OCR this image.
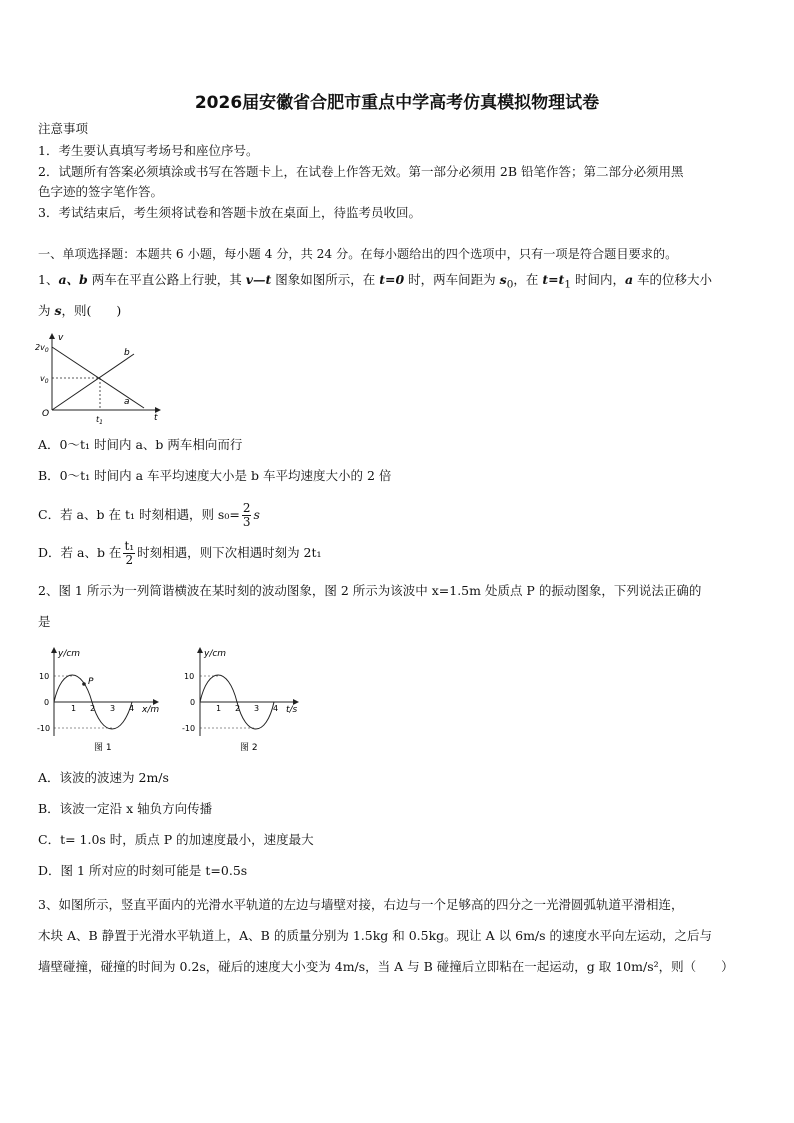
2026届安徽省合肥市重点中学高考仿真模拟物理试卷
注意事项
1．考生要认真填写考场号和座位序号。
2．试题所有答案必须填涂或书写在答题卡上，在试卷上作答无效。第一部分必须用 2B 铅笔作答；第二部分必须用黑
色字迹的签字笔作答。
3．考试结束后，考生须将试卷和答题卡放在桌面上，待监考员收回。
一、单项选择题：本题共 6 小题，每小题 4 分，共 24 分。在每小题给出的四个选项中，只有一项是符合题目要求的。
1、a、b 两车在平直公路上行驶，其 v—t 图象如图所示，在 t=0 时，两车间距为 $s_0$，在 $t=t_1$ 时间内，a 车的位移大小
为 s，则(　　)
v
$2v_0$
$v_0$
O
$t_1$	t
a
b
A．0～t₁ 时间内 a、b 两车相向而行
B．0～t₁ 时间内 a 车平均速度大小是 b 车平均速度大小的 2 倍
C．若 a、b 在 t₁ 时刻相遇，则 $s_0= \frac{2}{3}$ s
D．若 a、b 在 $\frac{\text{t₁}}{2}$ 时刻相遇，则下次相遇时刻为 2t₁
2、图 1 所示为一列简谐横波在某时刻的波动图象，图 2 所示为该波中 x=1.5m 处质点 P 的振动图象，下列说法正确的
是
P
y/cm
x/m
10
0
-10
1 2 3 4
图 1
y/cm
t/s
10
0
-10
1 2 3 4
图 2
A．该波的波速为 2m/s
B．该波一定沿 x 轴负方向传播
C．t= 1.0s 时，质点 P 的加速度最小，速度最大
D．图 1 所对应的时刻可能是 t=0.5s
3、如图所示，竖直平面内的光滑水平轨道的左边与墙壁对接，右边与一个足够高的四分之一光滑圆弧轨道平滑相连，
木块 A、B 静置于光滑水平轨道上，A、B 的质量分别为 1.5kg 和 0.5kg。现让 A 以 6m/s 的速度水平向左运动，之后与
墙壁碰撞，碰撞的时间为 0.2s，碰后的速度大小变为 4m/s，当 A 与 B 碰撞后立即粘在一起运动，g 取 10m/s²，则（　　）
